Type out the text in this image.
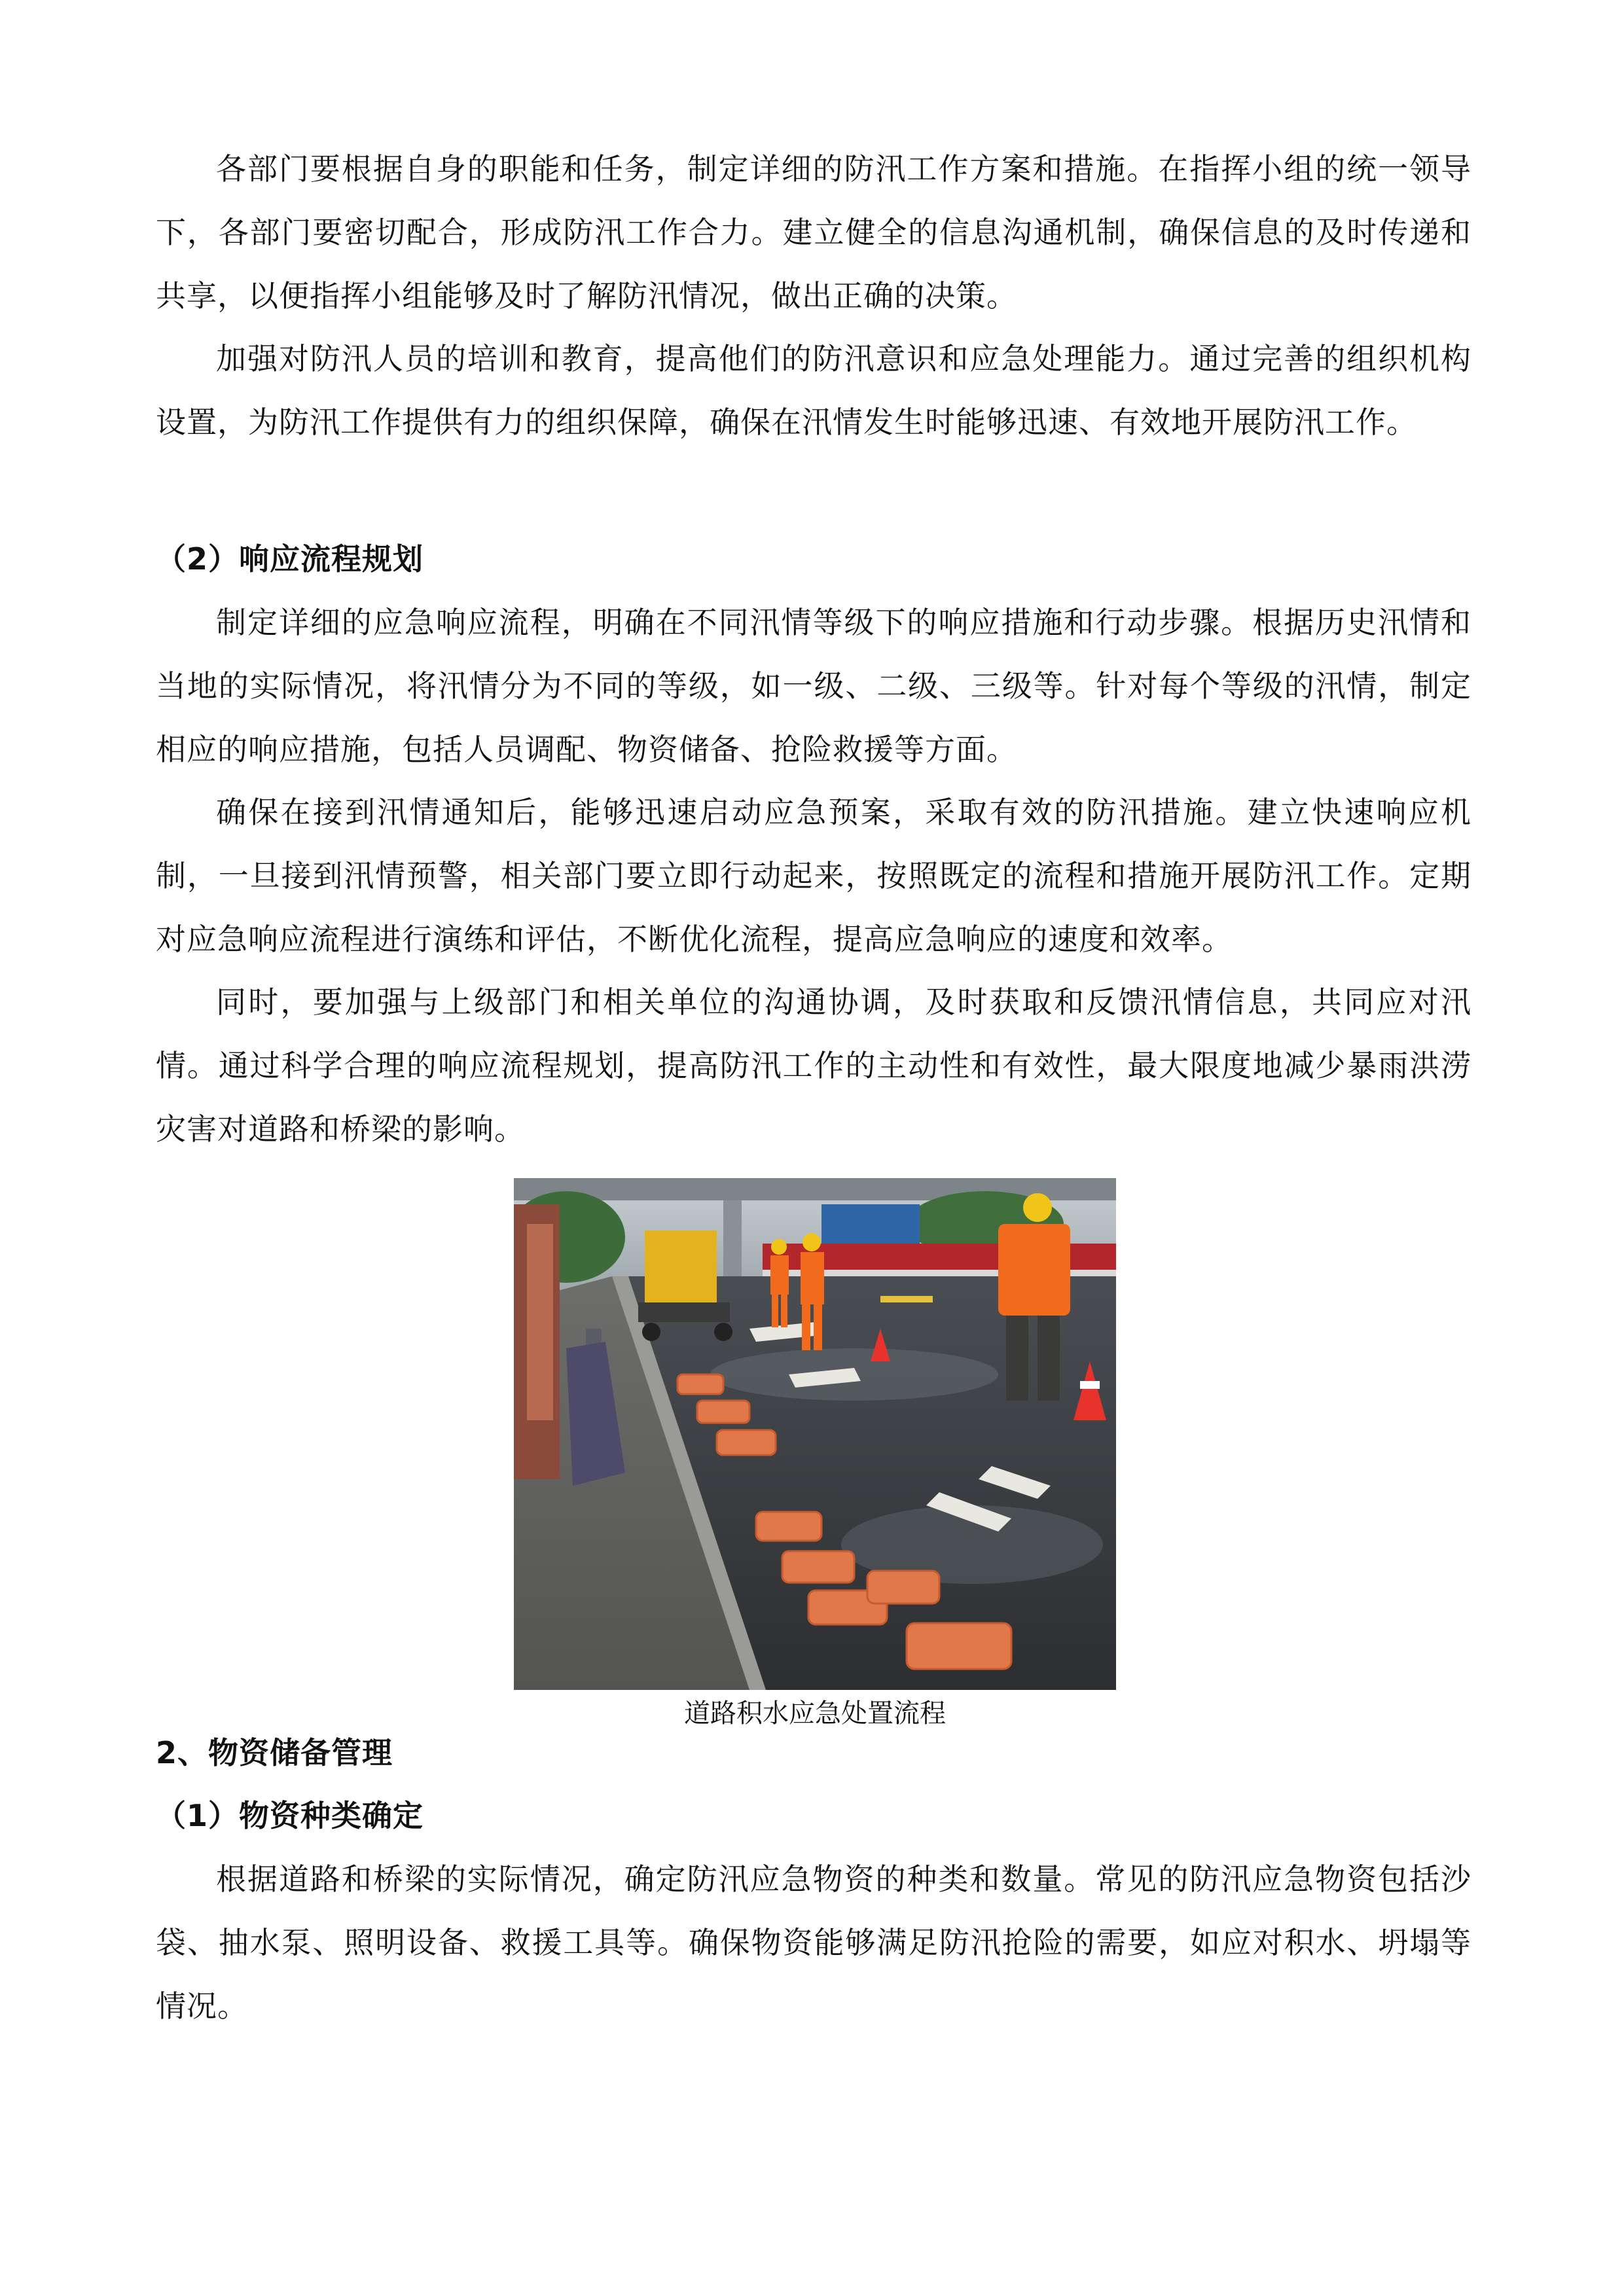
各部门要根据自身的职能和任务，制定详细的防汛工作方案和措施。在指挥小组的统一领导下，各部门要密切配合，形成防汛工作合力。建立健全的信息沟通机制，确保信息的及时传递和共享，以便指挥小组能够及时了解防汛情况，做出正确的决策。

加强对防汛人员的培训和教育，提高他们的防汛意识和应急处理能力。通过完善的组织机构设置，为防汛工作提供有力的组织保障，确保在汛情发生时能够迅速、有效地开展防汛工作。

（2）响应流程规划

制定详细的应急响应流程，明确在不同汛情等级下的响应措施和行动步骤。根据历史汛情和当地的实际情况，将汛情分为不同的等级，如一级、二级、三级等。针对每个等级的汛情，制定相应的响应措施，包括人员调配、物资储备、抢险救援等方面。

确保在接到汛情通知后，能够迅速启动应急预案，采取有效的防汛措施。建立快速响应机制，一旦接到汛情预警，相关部门要立即行动起来，按照既定的流程和措施开展防汛工作。定期对应急响应流程进行演练和评估，不断优化流程，提高应急响应的速度和效率。

同时，要加强与上级部门和相关单位的沟通协调，及时获取和反馈汛情信息，共同应对汛情。通过科学合理的响应流程规划，提高防汛工作的主动性和有效性，最大限度地减少暴雨洪涝灾害对道路和桥梁的影响。

道路积水应急处置流程

2、物资储备管理
（1）物资种类确定

根据道路和桥梁的实际情况，确定防汛应急物资的种类和数量。常见的防汛应急物资包括沙袋、抽水泵、照明设备、救援工具等。确保物资能够满足防汛抢险的需要，如应对积水、坍塌等情况。
